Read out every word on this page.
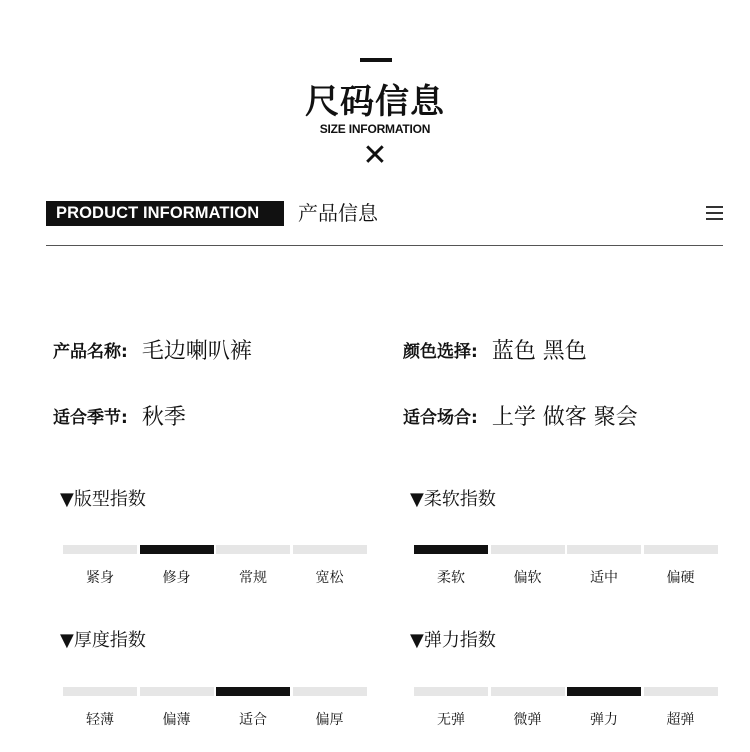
尺码信息
SIZE INFORMATION
✕
PRODUCT INFORMATION	产品信息
产品名称: 毛边喇叭裤	颜色选择: 蓝色 黑色
适合季节: 秋季	适合场合: 上学 做客 聚会
▼版型指数
紧身	修身	常规	宽松
▼柔软指数
柔软	偏软	适中	偏硬
▼厚度指数
轻薄	偏薄	适合	偏厚
▼弹力指数
无弹	微弹	弹力	超弹
